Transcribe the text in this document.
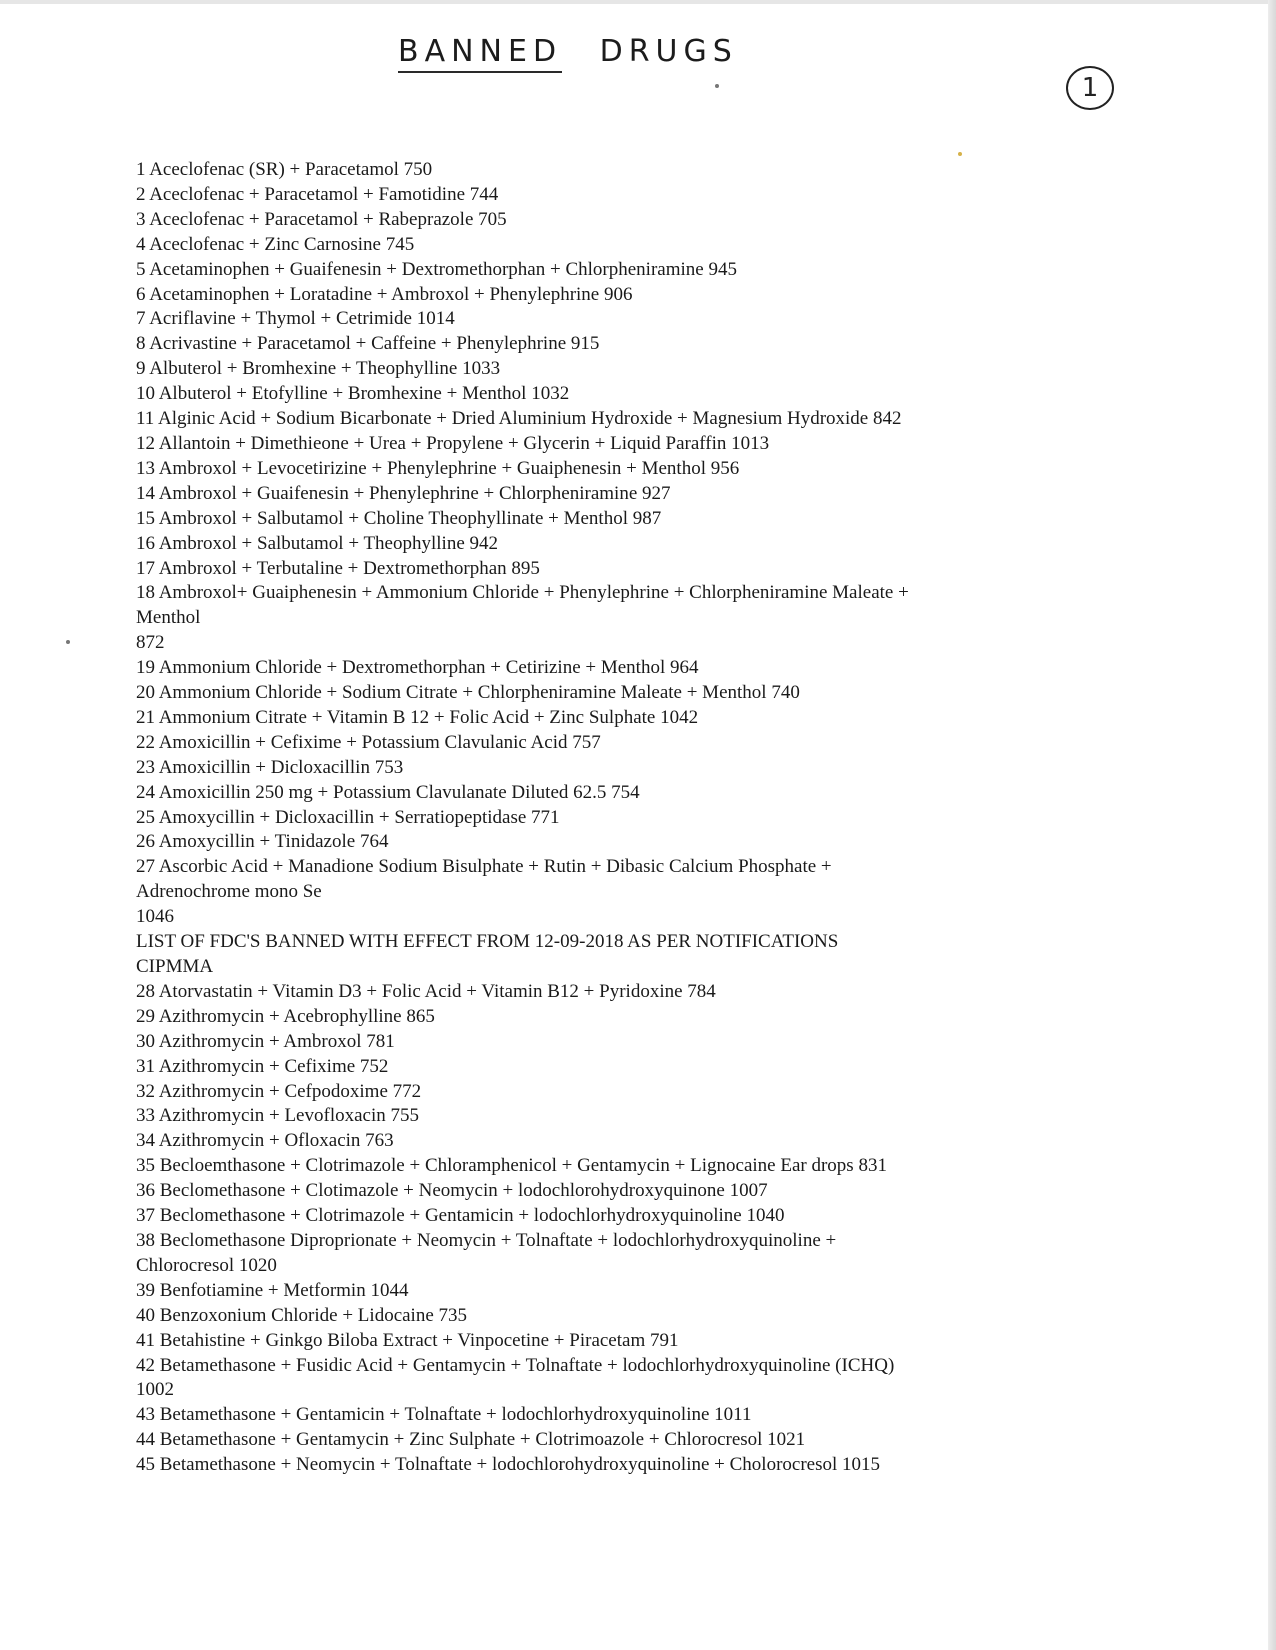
BANNED DRUGS
1
1 Aceclofenac (SR) + Paracetamol 750
2 Aceclofenac + Paracetamol + Famotidine 744
3 Aceclofenac + Paracetamol + Rabeprazole 705
4 Aceclofenac + Zinc Carnosine 745
5 Acetaminophen + Guaifenesin + Dextromethorphan + Chlorpheniramine 945
6 Acetaminophen + Loratadine + Ambroxol + Phenylephrine 906
7 Acriflavine + Thymol + Cetrimide 1014
8 Acrivastine + Paracetamol + Caffeine + Phenylephrine 915
9 Albuterol + Bromhexine + Theophylline 1033
10 Albuterol + Etofylline + Bromhexine + Menthol 1032
11 Alginic Acid + Sodium Bicarbonate + Dried Aluminium Hydroxide + Magnesium Hydroxide 842
12 Allantoin + Dimethieone + Urea + Propylene + Glycerin + Liquid Paraffin 1013
13 Ambroxol + Levocetirizine + Phenylephrine + Guaiphenesin + Menthol 956
14 Ambroxol + Guaifenesin + Phenylephrine + Chlorpheniramine 927
15 Ambroxol + Salbutamol + Choline Theophyllinate + Menthol 987
16 Ambroxol + Salbutamol + Theophylline 942
17 Ambroxol + Terbutaline + Dextromethorphan 895
18 Ambroxol+ Guaiphenesin + Ammonium Chloride + Phenylephrine + Chlorpheniramine Maleate +
Menthol
872
19 Ammonium Chloride + Dextromethorphan + Cetirizine + Menthol 964
20 Ammonium Chloride + Sodium Citrate + Chlorpheniramine Maleate + Menthol 740
21 Ammonium Citrate + Vitamin B 12 + Folic Acid + Zinc Sulphate 1042
22 Amoxicillin + Cefixime + Potassium Clavulanic Acid 757
23 Amoxicillin + Dicloxacillin 753
24 Amoxicillin 250 mg + Potassium Clavulanate Diluted 62.5 754
25 Amoxycillin + Dicloxacillin + Serratiopeptidase 771
26 Amoxycillin + Tinidazole 764
27 Ascorbic Acid + Manadione Sodium Bisulphate + Rutin + Dibasic Calcium Phosphate +
Adrenochrome mono Se
1046
LIST OF FDC'S BANNED WITH EFFECT FROM 12-09-2018 AS PER NOTIFICATIONS
CIPMMA
28 Atorvastatin + Vitamin D3 + Folic Acid + Vitamin B12 + Pyridoxine 784
29 Azithromycin + Acebrophylline 865
30 Azithromycin + Ambroxol 781
31 Azithromycin + Cefixime 752
32 Azithromycin + Cefpodoxime 772
33 Azithromycin + Levofloxacin 755
34 Azithromycin + Ofloxacin 763
35 Becloemthasone + Clotrimazole + Chloramphenicol + Gentamycin + Lignocaine Ear drops 831
36 Beclomethasone + Clotimazole + Neomycin + lodochlorohydroxyquinone 1007
37 Beclomethasone + Clotrimazole + Gentamicin + lodochlorhydroxyquinoline 1040
38 Beclomethasone Diproprionate + Neomycin + Tolnaftate + lodochlorhydroxyquinoline +
Chlorocresol 1020
39 Benfotiamine + Metformin 1044
40 Benzoxonium Chloride + Lidocaine 735
41 Betahistine + Ginkgo Biloba Extract + Vinpocetine + Piracetam 791
42 Betamethasone + Fusidic Acid + Gentamycin + Tolnaftate + lodochlorhydroxyquinoline (ICHQ)
1002
43 Betamethasone + Gentamicin + Tolnaftate + lodochlorhydroxyquinoline 1011
44 Betamethasone + Gentamycin + Zinc Sulphate + Clotrimoazole + Chlorocresol 1021
45 Betamethasone + Neomycin + Tolnaftate + lodochlorohydroxyquinoline + Cholorocresol 1015
